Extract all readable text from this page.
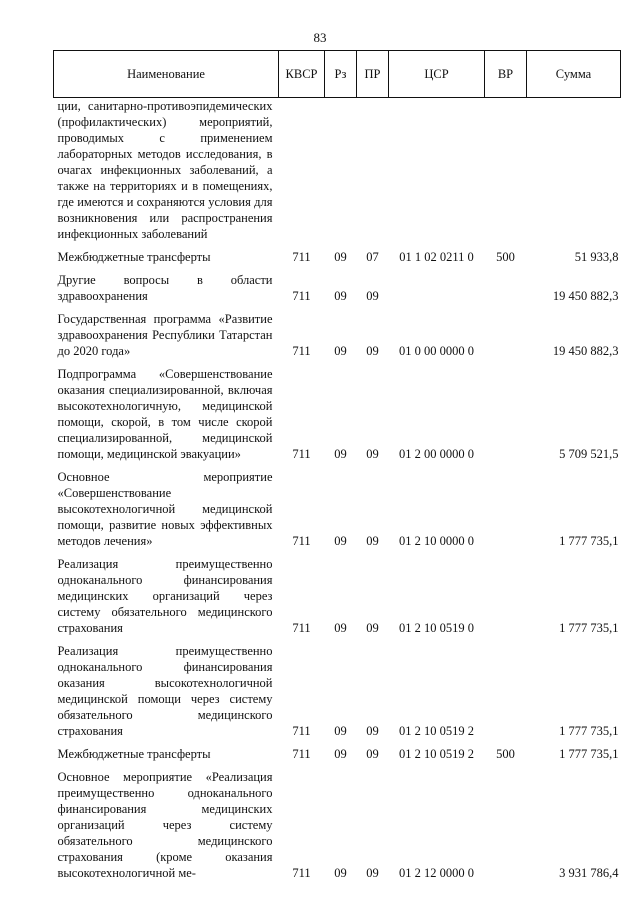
83
Наименование	КВСР	Рз	ПР	ЦСР	ВР	Сумма
ции, санитарно-противоэпидемических (профилактических) мероприятий, проводимых с применением лабораторных методов исследования, в очагах инфекционных заболеваний, а также на территориях и в помещениях, где имеются и сохраняются условия для возникновения или распространения инфекционных заболеваний						
Межбюджетные трансферты	711	09	07	01 1 02 0211 0	500	51 933,8
Другие вопросы в области здравоохранения	711	09	09			19 450 882,3
Государственная программа «Развитие здравоохранения Республики Татарстан до 2020 года»	711	09	09	01 0 00 0000 0		19 450 882,3
Подпрограмма «Совершенствование оказания специализированной, включая высокотехнологичную, медицинской помощи, скорой, в том числе скорой специализированной, медицинской помощи, медицинской эвакуации»	711	09	09	01 2 00 0000 0		5 709 521,5
Основное мероприятие «Совершенствование высокотехнологичной медицинской помощи, развитие новых эффективных методов лечения»	711	09	09	01 2 10 0000 0		1 777 735,1
Реализация преимущественно одноканального финансирования медицинских организаций через систему обязательного медицинского страхования	711	09	09	01 2 10 0519 0		1 777 735,1
Реализация преимущественно одноканального финансирования оказания высокотехнологичной медицинской помощи через систему обязательного медицинского страхования	711	09	09	01 2 10 0519 2		1 777 735,1
Межбюджетные трансферты	711	09	09	01 2 10 0519 2	500	1 777 735,1
Основное мероприятие «Реализация преимущественно одноканального финансирования медицинских организаций через систему обязательного медицинского страхования (кроме оказания высокотехнологичной ме-	711	09	09	01 2 12 0000 0		3 931 786,4
